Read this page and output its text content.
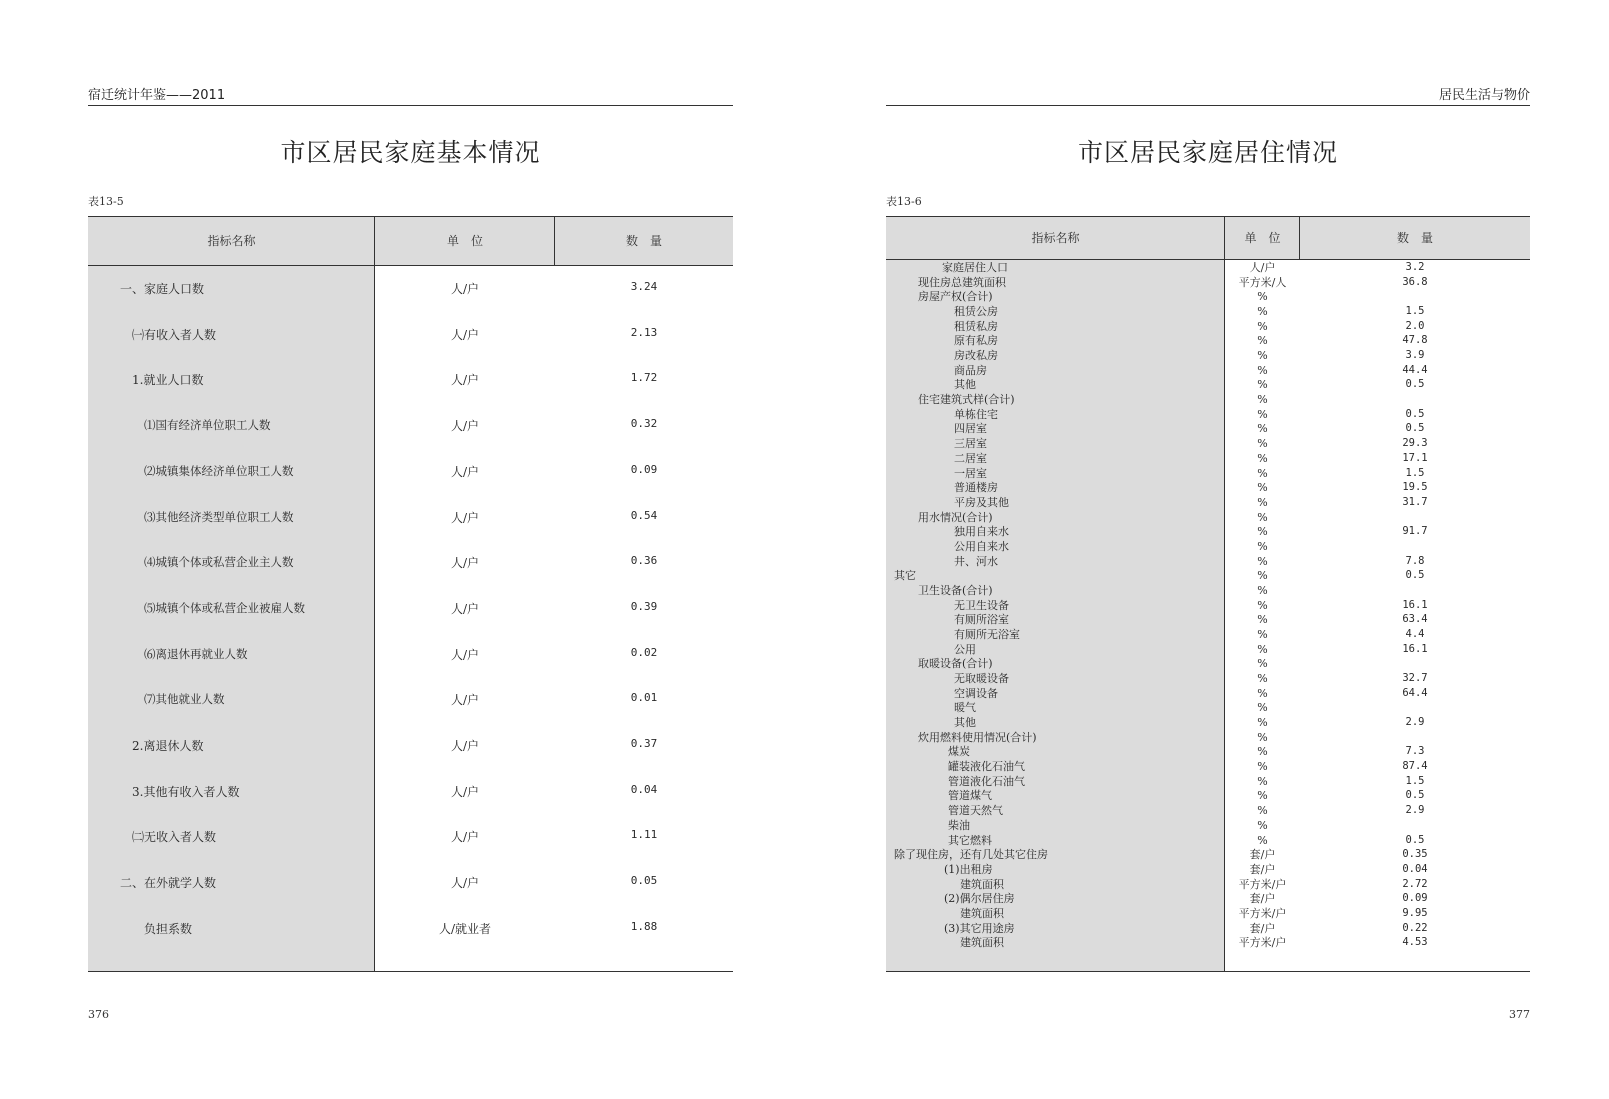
宿迁统计年鉴——2011
市区居民家庭基本情况
表13-5
指标名称	单　位	数　量
一、家庭人口数	人/户	3.24
㈠有收入者人数	人/户	2.13
1.就业人口数	人/户	1.72
⑴国有经济单位职工人数	人/户	0.32
⑵城镇集体经济单位职工人数	人/户	0.09
⑶其他经济类型单位职工人数	人/户	0.54
⑷城镇个体或私营企业主人数	人/户	0.36
⑸城镇个体或私营企业被雇人数	人/户	0.39
⑹离退休再就业人数	人/户	0.02
⑺其他就业人数	人/户	0.01
2.离退休人数	人/户	0.37
3.其他有收入者人数	人/户	0.04
㈡无收入者人数	人/户	1.11
二、在外就学人数	人/户	0.05
负担系数	人/就业者	1.88
376
居民生活与物价
市区居民家庭居住情况
表13-6
指标名称	单　位	数　量
家庭居住人口	人/户	3.2
现住房总建筑面积	平方米/人	36.8
房屋产权(合计)	%
租赁公房	%	1.5
租赁私房	%	2.0
原有私房	%	47.8
房改私房	%	3.9
商品房	%	44.4
其他	%	0.5
住宅建筑式样(合计)	%
单栋住宅	%	0.5
四居室	%	0.5
三居室	%	29.3
二居室	%	17.1
一居室	%	1.5
普通楼房	%	19.5
平房及其他	%	31.7
用水情况(合计)	%
独用自来水	%	91.7
公用自来水	%
井、河水	%	7.8
其它	%	0.5
卫生设备(合计)	%
无卫生设备	%	16.1
有厕所浴室	%	63.4
有厕所无浴室	%	4.4
公用	%	16.1
取暖设备(合计)	%
无取暖设备	%	32.7
空调设备	%	64.4
暖气	%
其他	%	2.9
炊用燃料使用情况(合计)	%
煤炭	%	7.3
罐装液化石油气	%	87.4
管道液化石油气	%	1.5
管道煤气	%	0.5
管道天然气	%	2.9
柴油	%
其它燃料	%	0.5
除了现住房，还有几处其它住房	套/户	0.35
(1)出租房	套/户	0.04
建筑面积	平方米/户	2.72
(2)偶尔居住房	套/户	0.09
建筑面积	平方米/户	9.95
(3)其它用途房	套/户	0.22
建筑面积	平方米/户	4.53
377
